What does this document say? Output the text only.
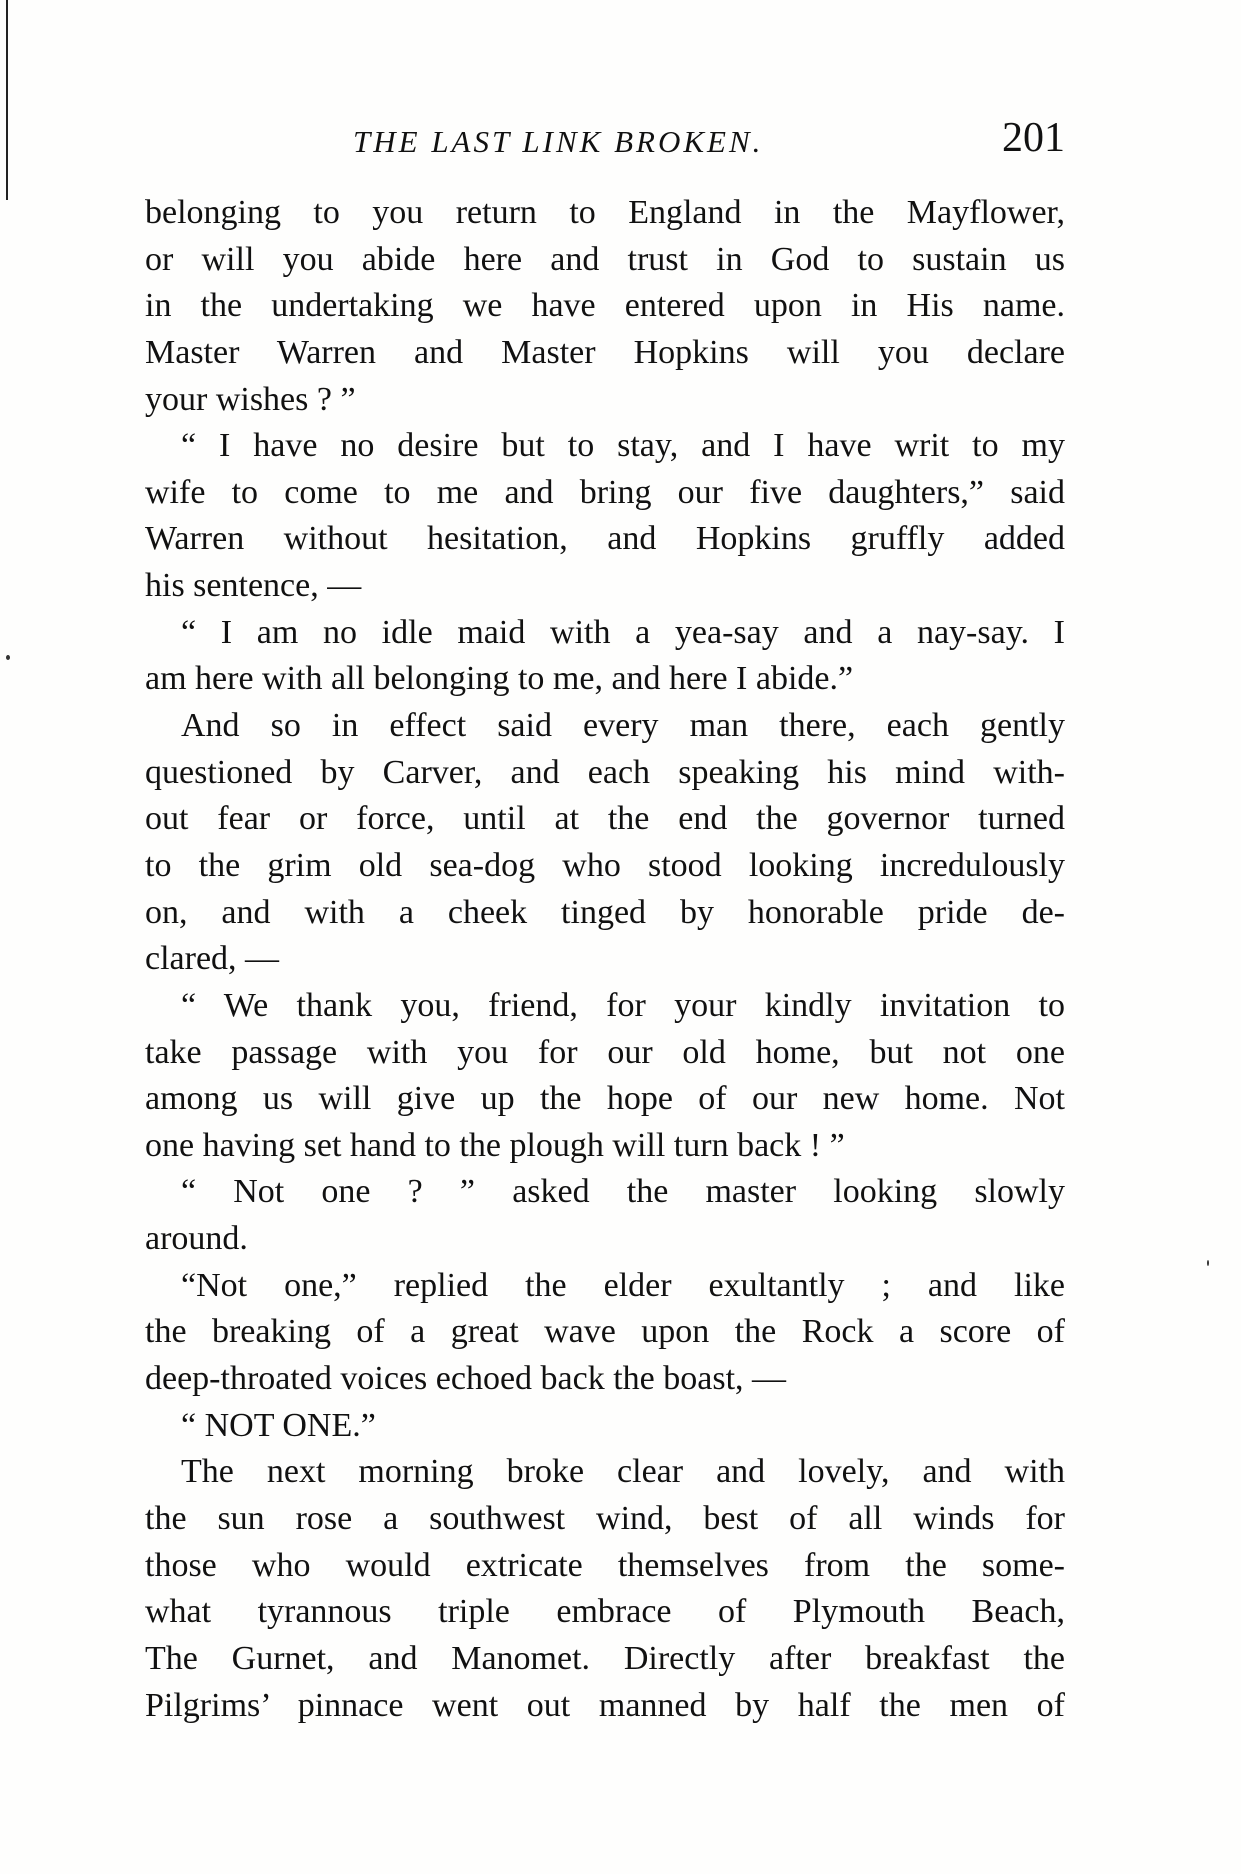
THE LAST LINK BROKEN.	201
belonging to you return to England in the Mayflower,
or will you abide here and trust in God to sustain us
in the undertaking we have entered upon in His name.
Master Warren and Master Hopkins will you declare
your wishes ? ”
“ I have no desire but to stay, and I have writ to my
wife to come to me and bring our five daughters,” said
Warren without hesitation, and Hopkins gruffly added
his sentence, —
“ I am no idle maid with a yea-say and a nay-say. I
am here with all belonging to me, and here I abide.”
And so in effect said every man there, each gently
questioned by Carver, and each speaking his mind with-
out fear or force, until at the end the governor turned
to the grim old sea-dog who stood looking incredulously
on, and with a cheek tinged by honorable pride de-
clared, —
“ We thank you, friend, for your kindly invitation to
take passage with you for our old home, but not one
among us will give up the hope of our new home. Not
one having set hand to the plough will turn back ! ”
“ Not one ? ” asked the master looking slowly
around.
“Not one,” replied the elder exultantly ; and like
the breaking of a great wave upon the Rock a score of
deep-throated voices echoed back the boast, —
“ NOT ONE.”
The next morning broke clear and lovely, and with
the sun rose a southwest wind, best of all winds for
those who would extricate themselves from the some-
what tyrannous triple embrace of Plymouth Beach,
The Gurnet, and Manomet. Directly after breakfast the
Pilgrims’ pinnace went out manned by half the men of
